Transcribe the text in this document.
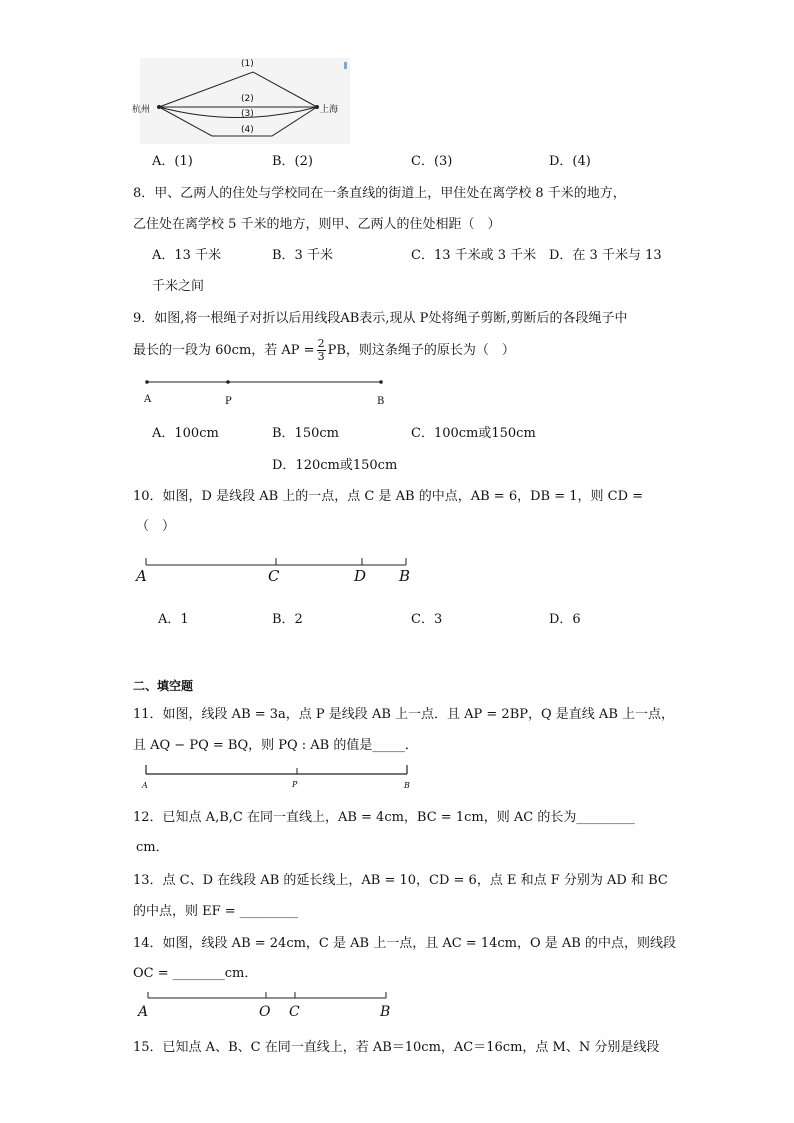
杭州	上海
(1)
(2)
(3)
(4)
A．(1)	B．(2)	C．(3)	D．(4)
8．甲、乙两人的住处与学校同在一条直线的街道上，甲住处在离学校 8 千米的地方，
乙住处在离学校 5 千米的地方，则甲、乙两人的住处相距（　）
A．13 千米	B．3 千米	C．13 千米或 3 千米 D．在 3 千米与 13
千米之间
9．如图,将一根绳子对折以后用线段AB表示,现从 P处将绳子剪断,剪断后的各段绳子中
最长的一段为 60cm，若 AP = $\frac{2}{3}$ PB，则这条绳子的原长为（　）
A	P	B
A．100cm	B．150cm	C．100cm或150cm
D．120cm或150cm
10．如图，D 是线段 AB 上的一点，点 C 是 AB 的中点，AB = 6，DB = 1，则 CD =
（　）
A	C	D B
A．1	B．2	C．3	D．6
二、填空题
11．如图，线段 AB = 3a，点 P 是线段 AB 上一点．且 AP = 2BP，Q 是直线 AB 上一点，
且 AQ − PQ = BQ，则 PQ : AB 的值是_____．
A	P	B
12．已知点 A,B,C 在同一直线上，AB = 4cm，BC = 1cm，则 AC 的长为_________
cm．
13．点 C、D 在线段 AB 的延长线上，AB = 10，CD = 6，点 E 和点 F 分别为 AD 和 BC
的中点，则 EF = _________
14．如图，线段 AB = 24cm，C 是 AB 上一点，且 AC = 14cm，O 是 AB 的中点，则线段
OC = ________cm．
A	O C	B
15．已知点 A、B、C 在同一直线上，若 AB＝10cm，AC＝16cm，点 M、N 分别是线段
